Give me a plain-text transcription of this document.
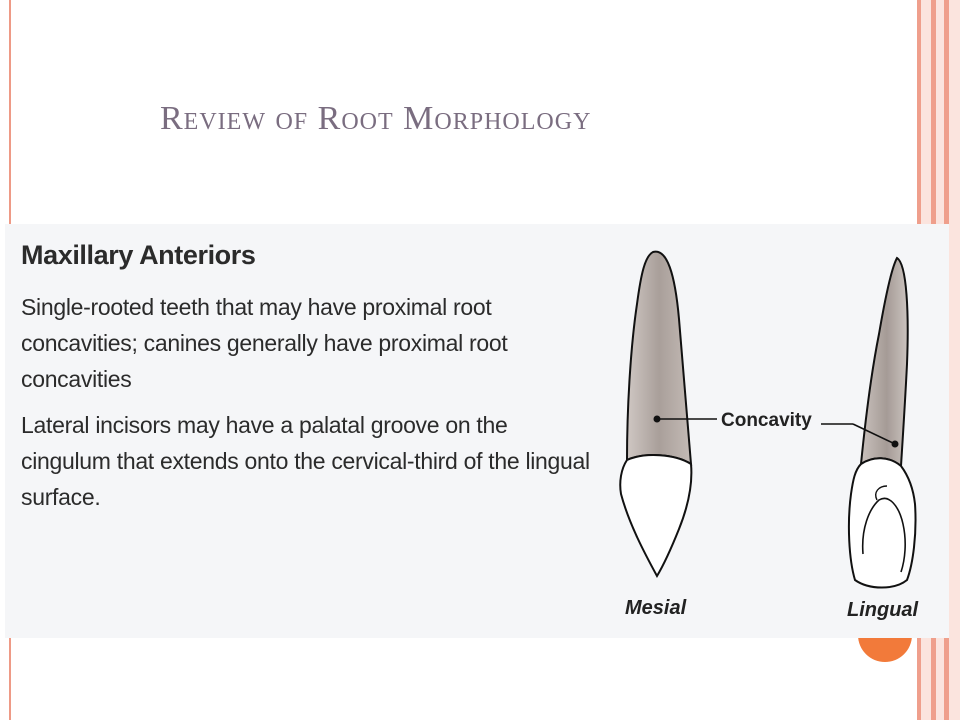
Review of Root Morphology

Maxillary Anteriors

Single-rooted teeth that may have proximal root concavities; canines generally have proximal root concavities

Lateral incisors may have a palatal groove on the cingulum that extends onto the cervical-third of the lingual surface.

Concavity
Mesial	Lingual
